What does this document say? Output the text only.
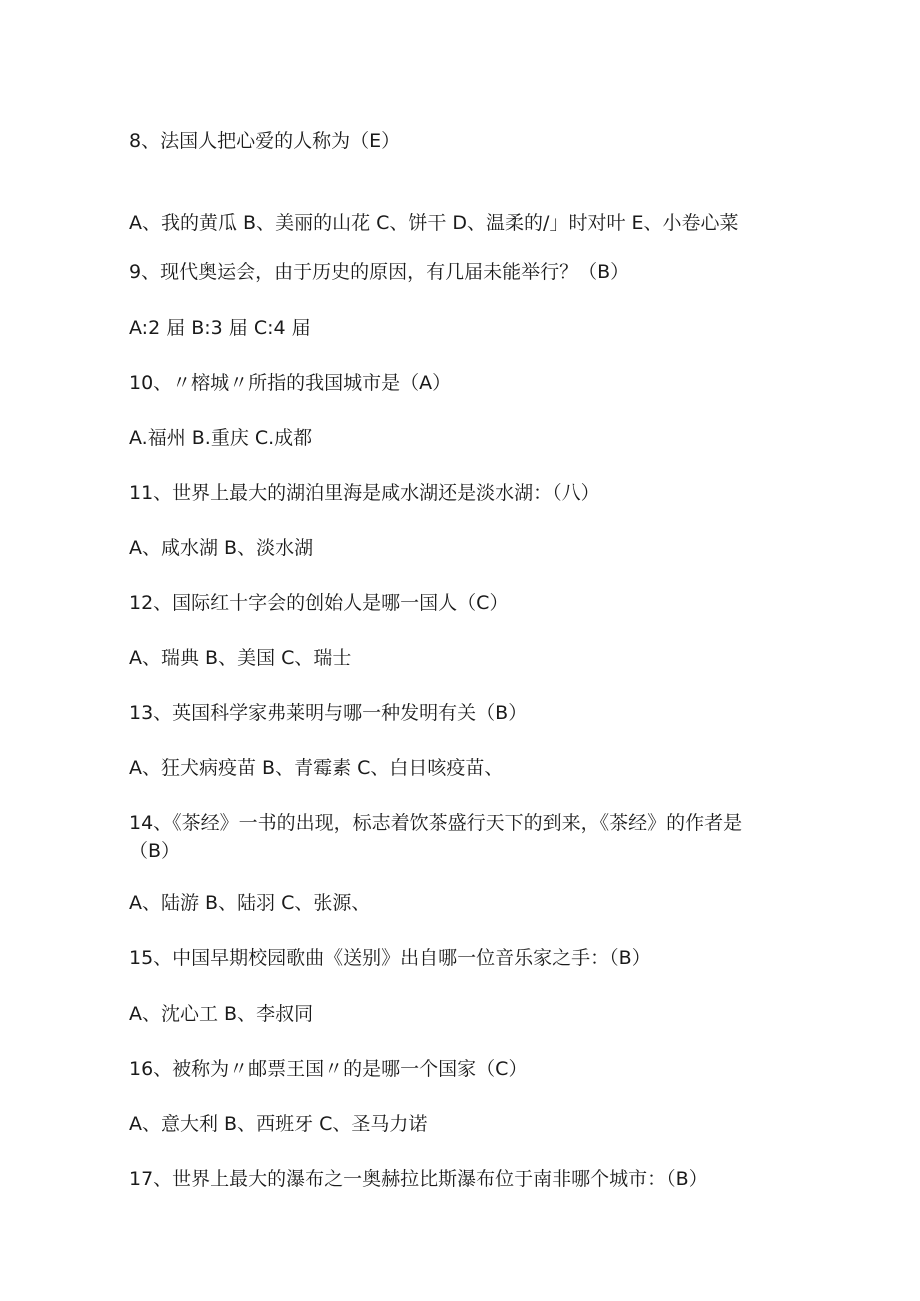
8、法国人把心爱的人称为（E）
A、我的黄瓜 B、美丽的山花 C、饼干 D、温柔的/」时对叶 E、小卷心菜
9、现代奥运会，由于历史的原因，有几届未能举行？（B）
A:2 届 B:3 届 C:4 届
10、〃榕城〃所指的我国城市是（A）
A.福州 B.重庆 C.成都
11、世界上最大的湖泊里海是咸水湖还是淡水湖：（八）
A、咸水湖 B、淡水湖
12、国际红十字会的创始人是哪一国人（C）
A、瑞典 B、美国 C、瑞士
13、英国科学家弗莱明与哪一种发明有关（B）
A、狂犬病疫苗 B、青霉素 C、白日咳疫苗、
14、《茶经》一书的出现，标志着饮茶盛行天下的到来，《茶经》的作者是（B）
A、陆游 B、陆羽 C、张源、
15、中国早期校园歌曲《送别》出自哪一位音乐家之手：（B）
A、沈心工 B、李叔同
16、被称为〃邮票王国〃的是哪一个国家（C）
A、意大利 B、西班牙 C、圣马力诺
17、世界上最大的瀑布之一奥赫拉比斯瀑布位于南非哪个城市：（B）
